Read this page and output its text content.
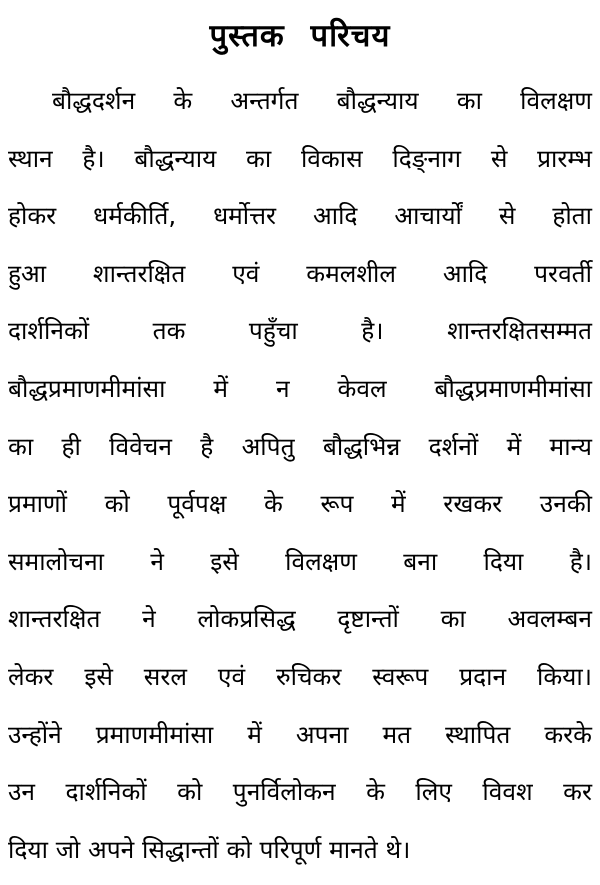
पुस्तक परिचय
बौद्धदर्शन के अन्तर्गत बौद्धन्याय का विलक्षण
स्थान है। बौद्धन्याय का विकास दिङ्नाग से प्रारम्भ
होकर धर्मकीर्ति, धर्मोत्तर आदि आचार्यों से होता
हुआ शान्तरक्षित एवं कमलशील आदि परवर्ती
दार्शनिकों तक पहुँचा है। शान्तरक्षितसम्मत
बौद्धप्रमाणमीमांसा में न केवल बौद्धप्रमाणमीमांसा
का ही विवेचन है अपितु बौद्धभिन्न दर्शनों में मान्य
प्रमाणों को पूर्वपक्ष के रूप में रखकर उनकी
समालोचना ने इसे विलक्षण बना दिया है।
शान्तरक्षित ने लोकप्रसिद्ध दृष्टान्तों का अवलम्बन
लेकर इसे सरल एवं रुचिकर स्वरूप प्रदान किया।
उन्होंने प्रमाणमीमांसा में अपना मत स्थापित करके
उन दार्शनिकों को पुनर्विलोकन के लिए विवश कर
दिया जो अपने सिद्धान्तों को परिपूर्ण मानते थे।
